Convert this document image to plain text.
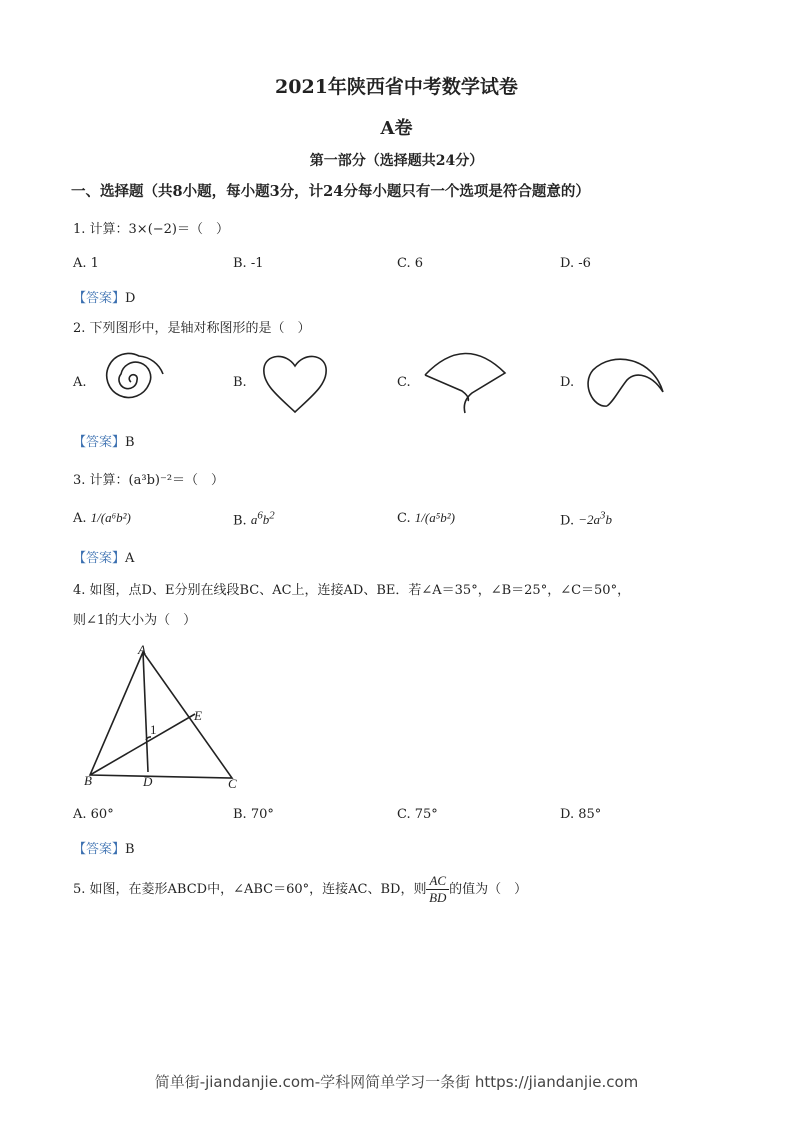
2021年陕西省中考数学试卷
A卷
第一部分（选择题共24分）
一、选择题（共8小题，每小题3分，计24分每小题只有一个选项是符合题意的）
1. 计算：3×(−2)＝（　）
A. 1	B. -1	C. 6	D. -6
【答案】D
2. 下列图形中，是轴对称图形的是（　）
A.	B.	C.	D.
【答案】B
3. 计算：(a³b)⁻²＝（　）
A. 1/(a⁶b²)	B. $a^6b^2$	C. 1/(a⁵b²)	D. $-2a^3b$
【答案】A
4. 如图，点D、E分别在线段BC、AC上，连接AD、BE．若∠A＝35°，∠B＝25°，∠C＝50°，
则∠1的大小为（　）
A
B	C
D
E
1
A. 60°	B. 70°	C. 75°	D. 85°
【答案】B
5. 如图，在菱形ABCD中，∠ABC＝60°，连接AC、BD，则 $\frac{AC}{BD}$ 的值为（　）
简单街-jiandanjie.com-学科网简单学习一条街 https://jiandanjie.com
